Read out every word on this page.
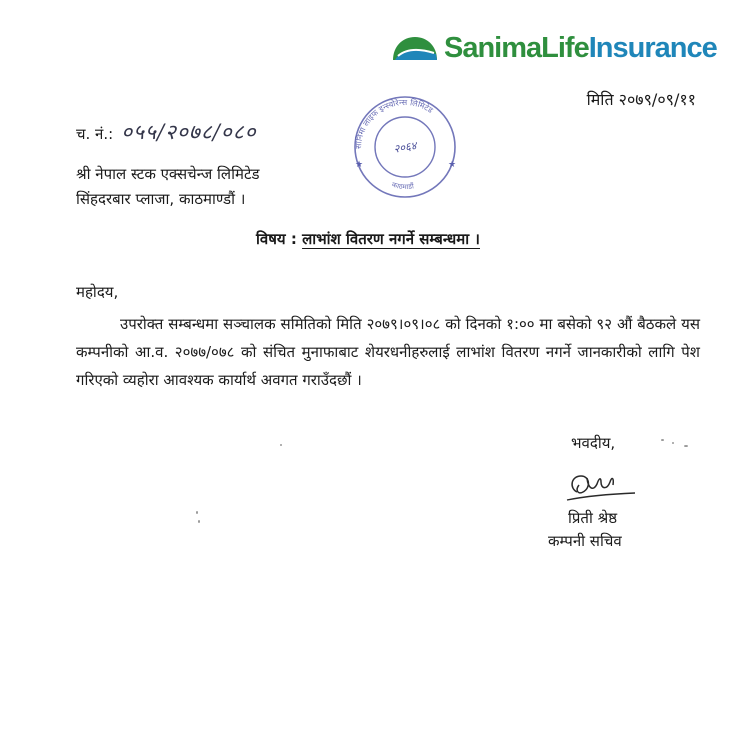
SanimaLifeInsurance
मिति २०७९/०९/११
च. नं.: ०५५/२०७८/०८०
सानिमा लाइफ इन्स्योरेन्स लिमिटेड
काठमाडौं
२०६४
★	★
श्री नेपाल स्टक एक्सचेन्ज लिमिटेड
सिंहदरबार प्लाजा, काठमाण्डौं ।
विषय : लाभांश वितरण नगर्ने सम्बन्धमा ।
महोदय,
उपरोक्त सम्बन्धमा सञ्चालक समितिको मिति २०७९।०९।०८ को दिनको १:०० मा बसेको ९२ औं बैठकले यस कम्पनीको आ.व. २०७७/०७८ को संचित मुनाफाबाट शेयरधनीहरुलाई लाभांश वितरण नगर्ने जानकारीको लागि पेश गरिएको व्यहोरा आवश्यक कार्यार्थ अवगत गराउँदछौं ।
भवदीय,
प्रिती श्रेष्ठ
कम्पनी सचिव
